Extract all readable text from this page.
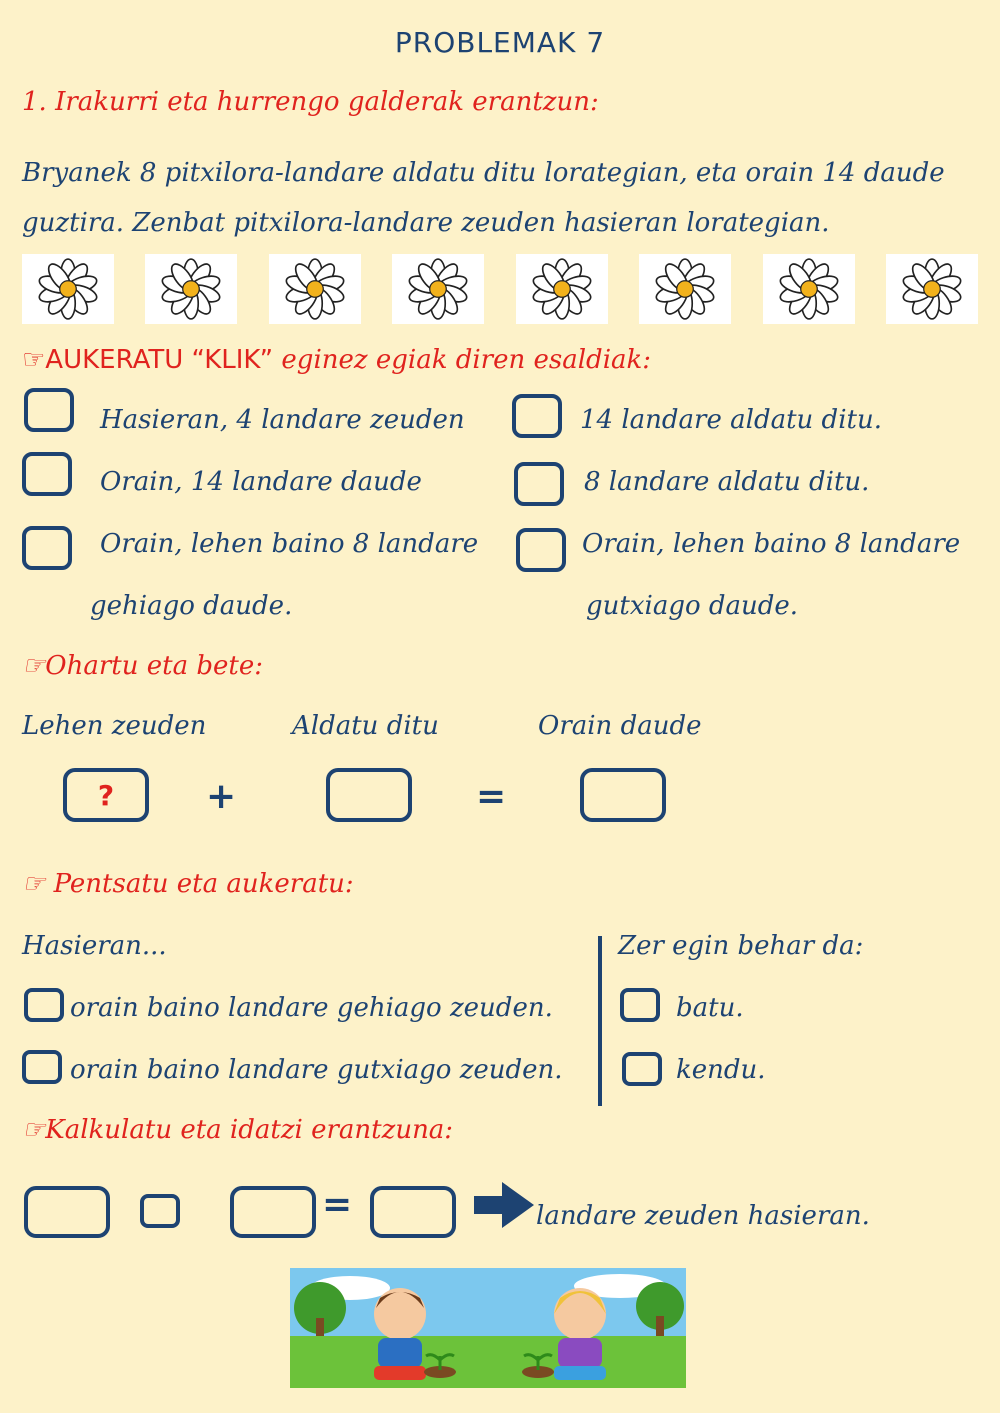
PROBLEMAK 7
1. Irakurri eta hurrengo galderak erantzun:
Bryanek 8 pitxilora-landare aldatu ditu lorategian, eta orain 14 daude guztira. Zenbat pitxilora-landare zeuden hasieran lorategian.
☞AUKERATU “KLIK” eginez egiak diren esaldiak:
Hasieran, 4 landare zeuden
Orain, 14 landare daude
Orain, lehen baino 8 landare
gehiago daude.
14 landare aldatu ditu.
8 landare aldatu ditu.
Orain, lehen baino 8 landare
gutxiago daude.
☞Ohartu eta bete:
Lehen zeuden	Aldatu ditu	Orain daude
?	+	=
☞ Pentsatu eta aukeratu:
Hasieran...
orain baino landare gehiago zeuden.
orain baino landare gutxiago zeuden.
Zer egin behar da:
batu.
kendu.
☞Kalkulatu eta idatzi erantzuna:
=	landare zeuden hasieran.
